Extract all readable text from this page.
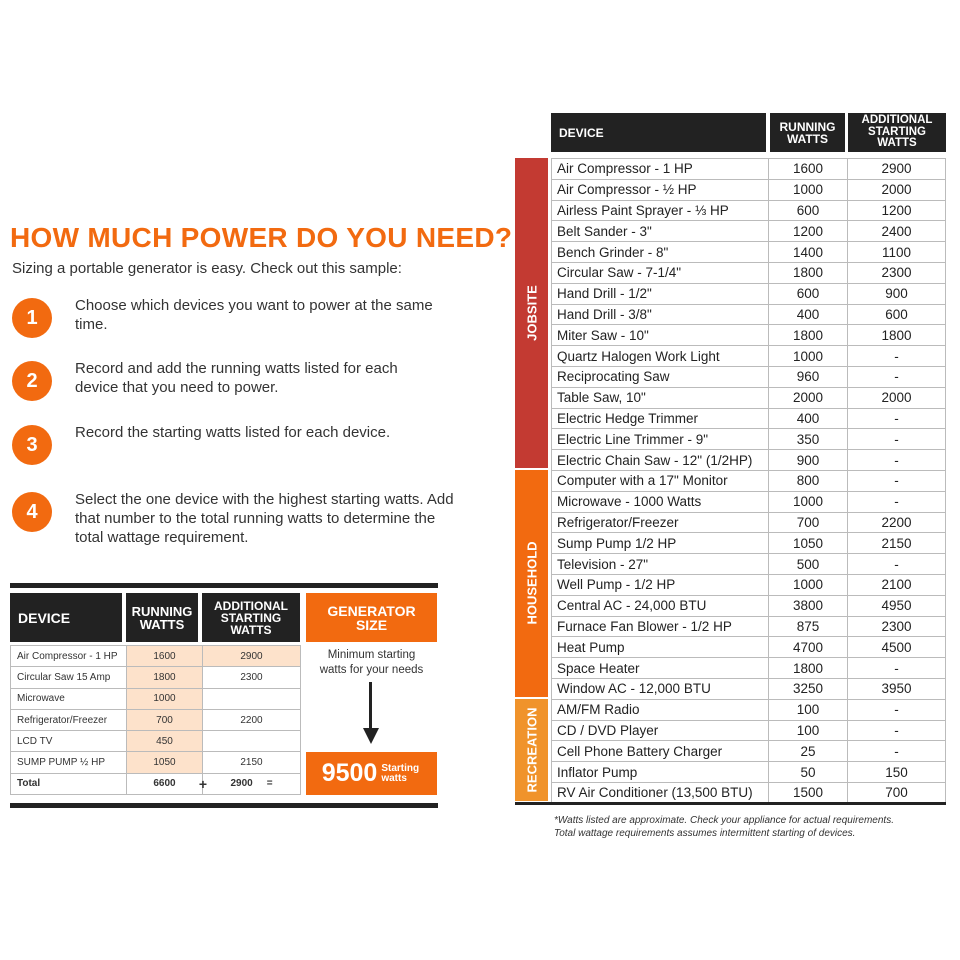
HOW MUCH POWER DO YOU NEED?
Sizing a portable generator is easy. Check out this sample:
1
Choose which devices you want to power at the same time.
2
Record and add the running watts listed for each device that you need to power.
3
Record the starting watts listed for each device.
4
Select the one device with the highest starting watts. Add that number to the total running watts to determine the total wattage requirement.
DEVICE	RUNNING WATTS
ADDITIONAL STARTING WATTS
GENERATOR SIZE
Air Compressor - 1 HP	1600	2900
Circular Saw 15 Amp	1800	2300
Microwave	1000	
Refrigerator/Freezer	700	2200
LCD TV	450	
SUMP PUMP ½ HP	1050	2150
Total	6600 +	2900 =
Minimum starting watts for your needs
9500 Starting watts
DEVICE	RUNNING WATTS
ADDITIONAL STARTING WATTS
JOBSITE
HOUSEHOLD
RECREATION
Air Compressor - 1 HP	1600	2900
Air Compressor - ½ HP	1000	2000
Airless Paint Sprayer - ⅓ HP	600	1200
Belt Sander - 3"	1200	2400
Bench Grinder - 8"	1400	1100
Circular Saw - 7-1/4"	1800	2300
Hand Drill - 1/2"	600	900
Hand Drill - 3/8"	400	600
Miter Saw - 10"	1800	1800
Quartz Halogen Work Light	1000	-
Reciprocating Saw	960	-
Table Saw, 10"	2000	2000
Electric Hedge Trimmer	400	-
Electric Line Trimmer - 9"	350	-
Electric Chain Saw - 12" (1/2HP)	900	-
Computer with a 17" Monitor	800	-
Microwave - 1000 Watts	1000	-
Refrigerator/Freezer	700	2200
Sump Pump 1/2 HP	1050	2150
Television - 27"	500	-
Well Pump - 1/2 HP	1000	2100
Central AC - 24,000 BTU	3800	4950
Furnace Fan Blower - 1/2 HP	875	2300
Heat Pump	4700	4500
Space Heater	1800	-
Window AC - 12,000 BTU	3250	3950
AM/FM Radio	100	-
CD / DVD Player	100	-
Cell Phone Battery Charger	25	-
Inflator Pump	50	150
RV Air Conditioner (13,500 BTU)	1500	700
*Watts listed are approximate. Check your appliance for actual requirements.
Total wattage requirements assumes intermittent starting of devices.
